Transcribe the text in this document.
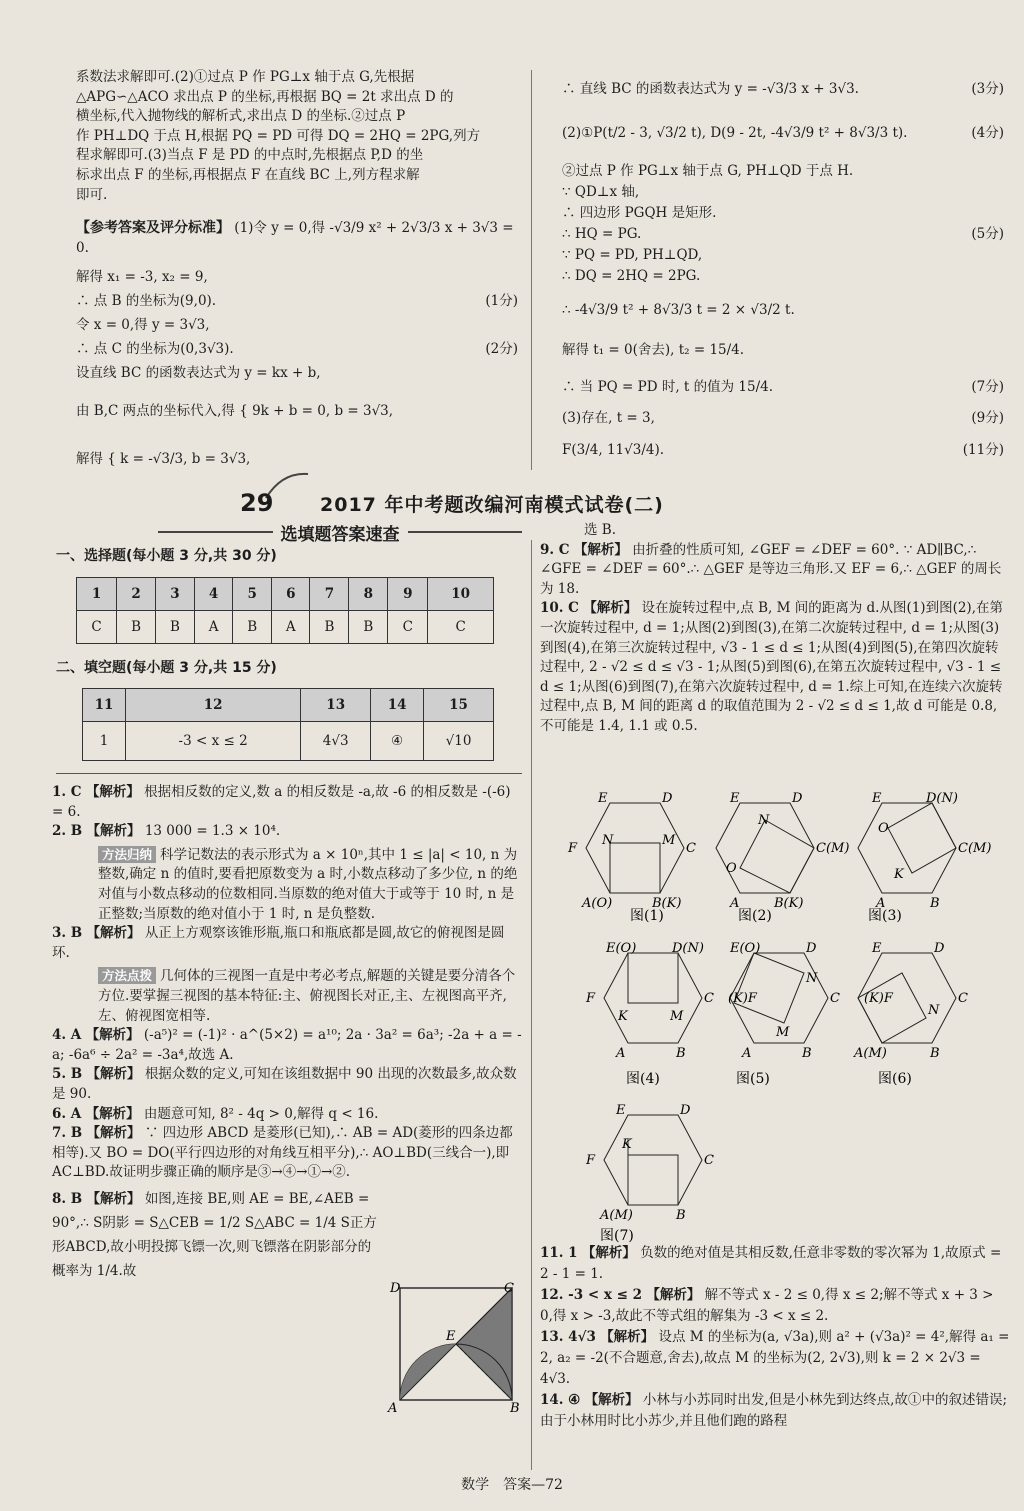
系数法求解即可.(2)①过点 P 作 PG⊥x 轴于点 G,先根据

△APG∽△ACO 求出点 P 的坐标,再根据 BQ = 2t 求出点 D 的

横坐标,代入抛物线的解析式,求出点 D 的坐标.②过点 P

作 PH⊥DQ 于点 H,根据 PQ = PD 可得 DQ = 2HQ = 2PG,列方

程求解即可.(3)当点 F 是 PD 的中点时,先根据点 P,D 的坐

标求出点 F 的坐标,再根据点 F 在直线 BC 上,列方程求解

即可.

【参考答案及评分标准】 (1)令 y = 0,得 -√3/9 x² + 2√3/3 x + 3√3 = 0.

解得 x₁ = -3, x₂ = 9,
∴ 点 B 的坐标为(9,0).	(1分)
令 x = 0,得 y = 3√3,
∴ 点 C 的坐标为(0,3√3).	(2分)
设直线 BC 的函数表达式为 y = kx + b,
由 B,C 两点的坐标代入,得 { 9k + b = 0, b = 3√3,
解得 { k = -√3/3, b = 3√3,
∴ 直线 BC 的函数表达式为 y = -√3/3 x + 3√3.	(3分)
(2)①P(t/2 - 3, √3/2 t), D(9 - 2t, -4√3/9 t² + 8√3/3 t).	(4分)
②过点 P 作 PG⊥x 轴于点 G, PH⊥QD 于点 H.
∵ QD⊥x 轴,
∴ 四边形 PGQH 是矩形.
∴ HQ = PG.	(5分)
∵ PQ = PD, PH⊥QD,
∴ DQ = 2HQ = 2PG.
∴ -4√3/9 t² + 8√3/3 t = 2 × √3/2 t.
解得 t₁ = 0(舍去), t₂ = 15/4.
∴ 当 PQ = PD 时, t 的值为 15/4.	(7分)
(3)存在, t = 3,	(9分)
F(3/4, 11√3/4).	(11分)
29	2017 年中考题改编河南模式试卷(二)
选填题答案速查
一、选择题(每小题 3 分,共 30 分)
1	2	3	4	5	6	7	8	9	10
C	B	B	A	B	A	B	B	C	C
二、填空题(每小题 3 分,共 15 分)
11	12	13	14	15
1	-3 < x ≤ 2	4√3	④	√10

1. C 【解析】 根据相反数的定义,数 a 的相反数是 -a,故 -6 的相反数是 -(-6) = 6.

2. B 【解析】 13 000 = 1.3 × 10⁴.

方法归纳 科学记数法的表示形式为 a × 10ⁿ,其中 1 ≤ |a| < 10, n 为整数,确定 n 的值时,要看把原数变为 a 时,小数点移动了多少位, n 的绝对值与小数点移动的位数相同.当原数的绝对值大于或等于 10 时, n 是正整数;当原数的绝对值小于 1 时, n 是负整数.

3. B 【解析】 从正上方观察该锥形瓶,瓶口和瓶底都是圆,故它的俯视图是圆环.

方法点拨 几何体的三视图一直是中考必考点,解题的关键是要分清各个方位.要掌握三视图的基本特征:主、俯视图长对正,主、左视图高平齐,左、俯视图宽相等.

4. A 【解析】 (-a⁵)² = (-1)² · a^(5×2) = a¹⁰; 2a · 3a² = 6a³; -2a + a = -a; -6a⁶ ÷ 2a² = -3a⁴,故选 A.

5. B 【解析】 根据众数的定义,可知在该组数据中 90 出现的次数最多,故众数是 90.

6. A 【解析】 由题意可知, 8² - 4q > 0,解得 q < 16.

7. B 【解析】 ∵ 四边形 ABCD 是菱形(已知),∴ AB = AD(菱形的四条边都相等).又 BO = DO(平行四边形的对角线互相平分),∴ AO⊥BD(三线合一),即 AC⊥BD.故证明步骤正确的顺序是③→④→①→②.

8. B 【解析】 如图,连接 BE,则 AE = BE,∠AEB = 90°,∴ S阴影 = S△CEB = 1/2 S△ABC = 1/4 S正方形ABCD,故小明投掷飞镖一次,则飞镖落在阴影部分的概率为 1/4.故

D	C
E
A	B

选 B.

9. C 【解析】 由折叠的性质可知, ∠GEF = ∠DEF = 60°. ∵ AD∥BC,∴ ∠GFE = ∠DEF = 60°.∴ △GEF 是等边三角形.又 EF = 6,∴ △GEF 的周长为 18.

10. C 【解析】 设在旋转过程中,点 B, M 间的距离为 d.从图(1)到图(2),在第一次旋转过程中, d = 1;从图(2)到图(3),在第二次旋转过程中, d = 1;从图(3)到图(4),在第三次旋转过程中, √3 - 1 ≤ d ≤ 1;从图(4)到图(5),在第四次旋转过程中, 2 - √2 ≤ d ≤ √3 - 1;从图(5)到图(6),在第五次旋转过程中, √3 - 1 ≤ d ≤ 1;从图(6)到图(7),在第六次旋转过程中, d = 1.综上可知,在连续六次旋转过程中,点 B, M 间的距离 d 的取值范围为 2 - √2 ≤ d ≤ 1,故 d 可能是 0.8,不可能是 1.4, 1.1 或 0.5.

E	D
N	M
F	C
A(O)	B(K)
E	D
N
O
C(M)
A	B(K)
E	D(N)
O
C(M)
K
A	B
图(1)	图(2)	图(3)
E(O)	D(N)
F	C
K	M
A	B
E(O)	D
(K)F
N
C
M
A	B
E	D
(K)F
N
C
A(M)	B
图(4)	图(5)	图(6)
E	D
K
F	C
A(M)	B
图(7)

11. 1 【解析】 负数的绝对值是其相反数,任意非零数的零次幂为 1,故原式 = 2 - 1 = 1.

12. -3 < x ≤ 2 【解析】 解不等式 x - 2 ≤ 0,得 x ≤ 2;解不等式 x + 3 > 0,得 x > -3,故此不等式组的解集为 -3 < x ≤ 2.

13. 4√3 【解析】 设点 M 的坐标为(a, √3a),则 a² + (√3a)² = 4²,解得 a₁ = 2, a₂ = -2(不合题意,舍去),故点 M 的坐标为(2, 2√3),则 k = 2 × 2√3 = 4√3.

14. ④ 【解析】 小林与小苏同时出发,但是小林先到达终点,故①中的叙述错误;由于小林用时比小苏少,并且他们跑的路程

数学　答案—72
